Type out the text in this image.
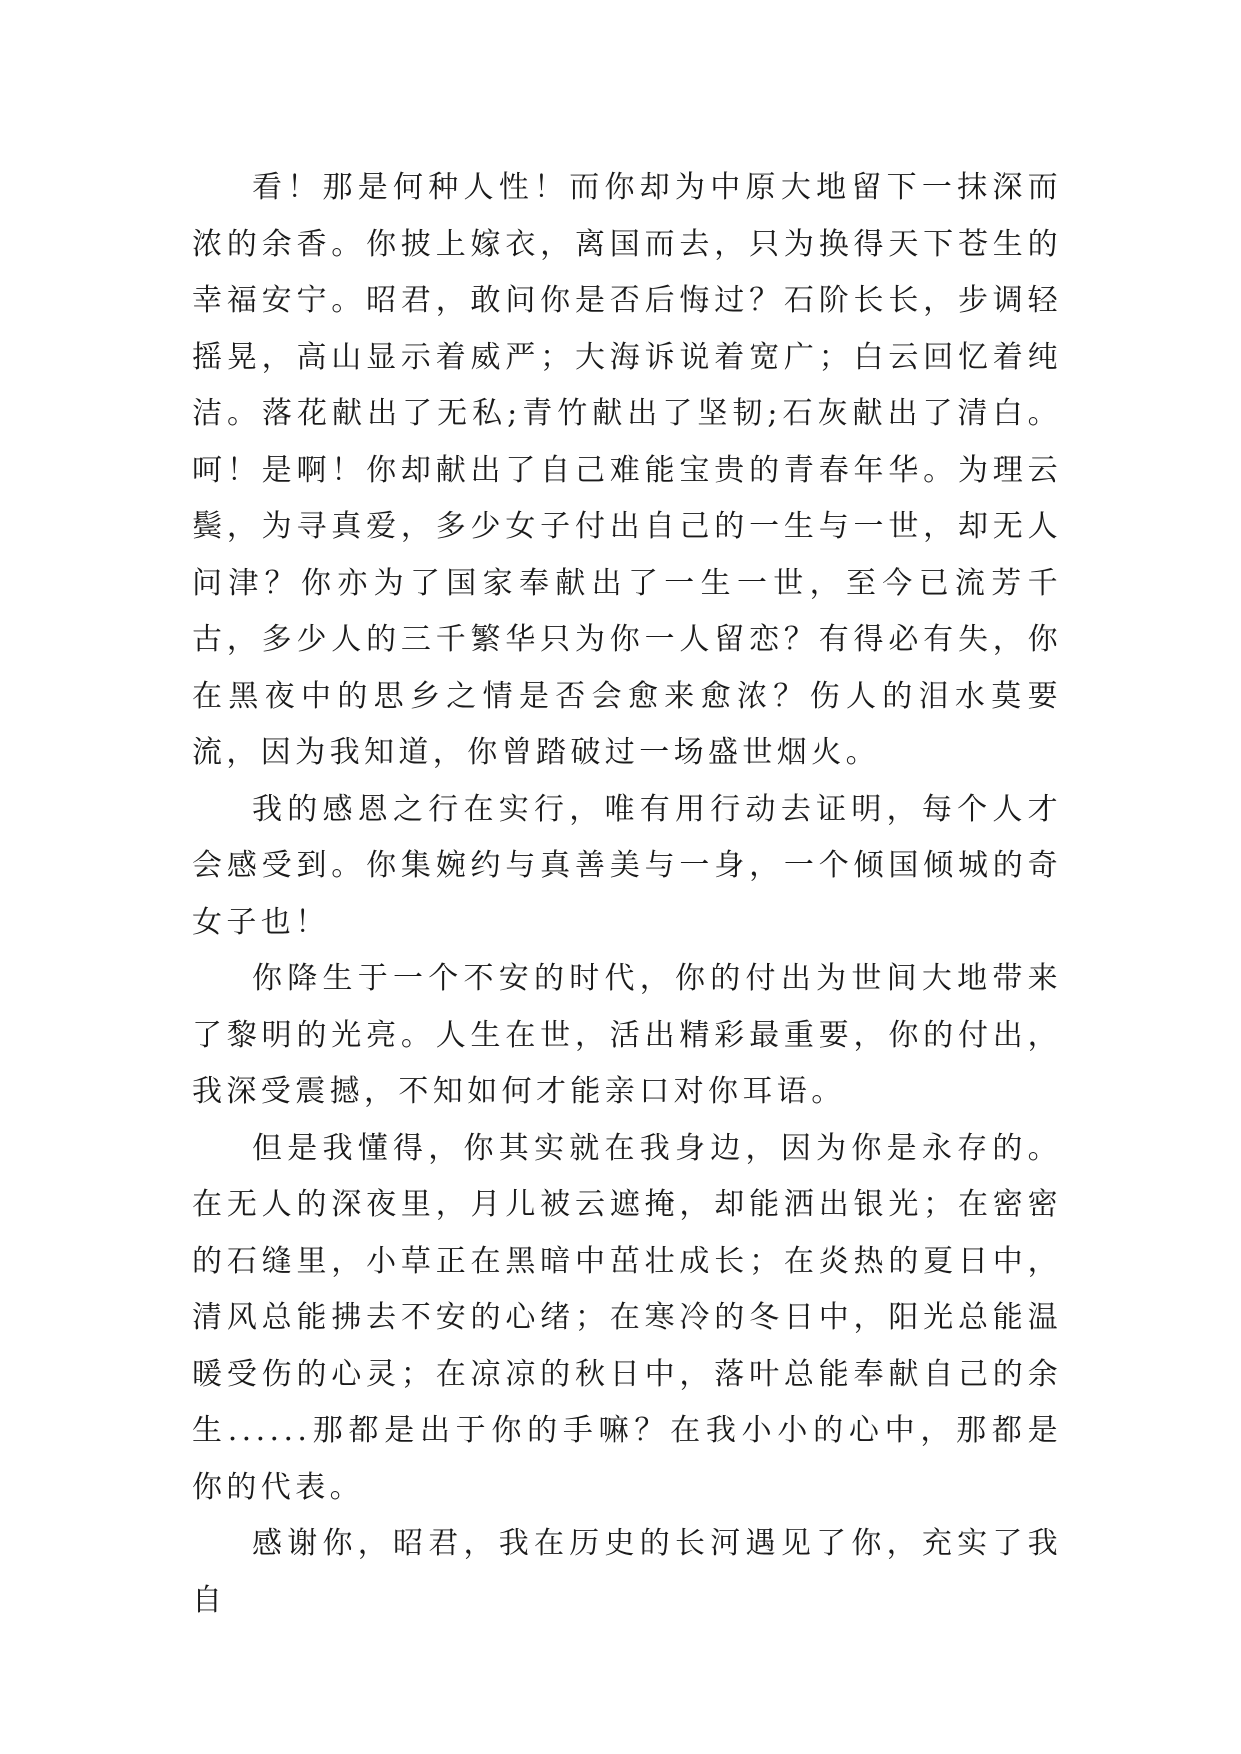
看！那是何种人性！而你却为中原大地留下一抹深而浓的余香。你披上嫁衣，离国而去，只为换得天下苍生的幸福安宁。昭君，敢问你是否后悔过？石阶长长，步调轻摇晃，高山显示着威严；大海诉说着宽广；白云回忆着纯洁。落花献出了无私;青竹献出了坚韧;石灰献出了清白。呵！是啊！你却献出了自己难能宝贵的青春年华。为理云鬓，为寻真爱，多少女子付出自己的一生与一世，却无人问津？你亦为了国家奉献出了一生一世，至今已流芳千古，多少人的三千繁华只为你一人留恋？有得必有失，你在黑夜中的思乡之情是否会愈来愈浓？伤人的泪水莫要流，因为我知道，你曾踏破过一场盛世烟火。

我的感恩之行在实行，唯有用行动去证明，每个人才会感受到。你集婉约与真善美与一身，一个倾国倾城的奇女子也！

你降生于一个不安的时代，你的付出为世间大地带来了黎明的光亮。人生在世，活出精彩最重要，你的付出，我深受震撼，不知如何才能亲口对你耳语。

但是我懂得，你其实就在我身边，因为你是永存的。在无人的深夜里，月儿被云遮掩，却能洒出银光；在密密的石缝里，小草正在黑暗中茁壮成长；在炎热的夏日中，清风总能拂去不安的心绪；在寒冷的冬日中，阳光总能温暖受伤的心灵；在凉凉的秋日中，落叶总能奉献自己的余生......那都是出于你的手嘛？在我小小的心中，那都是你的代表。

感谢你，昭君，我在历史的长河遇见了你，充实了我自
